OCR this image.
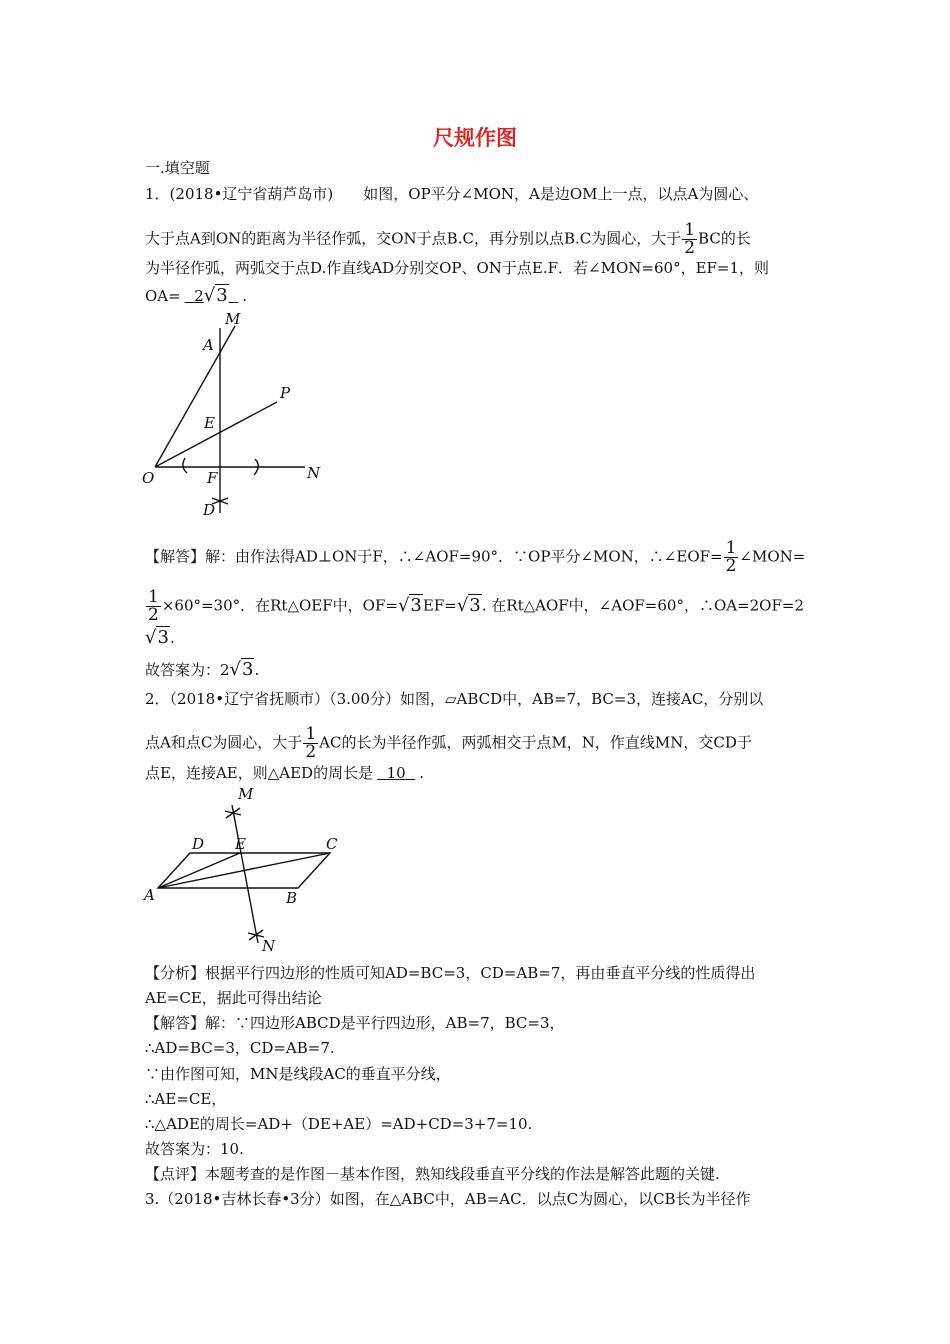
尺规作图
一.填空题
1．(2018•辽宁省葫芦岛市)　　如图，OP平分∠MON，A是边OM上一点，以点A为圆心、
大于点A到ON的距离为半径作弧，交ON于点B.C，再分别以点B.C为圆心，大于 $\frac{1}{2}$ BC的长
为半径作弧，两弧交于点D.作直线AD分别交OP、ON于点E.F．若∠MON=60°，EF=1，则
OA= 2√3 .
M
A
P
E
O	F	N
D
【解答】解：由作法得AD⊥ON于F，∴∠AOF=90°．∵OP平分∠MON，∴∠EOF= $\frac{1}{2}$ ∠MON=
$\frac{1}{2} \times 60^\circ=30^\circ$．在Rt△OEF中，OF=√3EF=√3. 在Rt△AOF中，∠AOF=60°，∴OA=2OF=2
√3.
故答案为：2√3.
2．（2018•辽宁省抚顺市）（3.00分）如图，▱ABCD中，AB=7，BC=3，连接AC，分别以
点A和点C为圆心，大于 $\frac{1}{2}$ AC的长为半径作弧，两弧相交于点M，N，作直线MN，交CD于
点E，连接AE，则△AED的周长是 10 .
M
D E	C
A	B
N
【分析】根据平行四边形的性质可知AD=BC=3，CD=AB=7，再由垂直平分线的性质得出
AE=CE，据此可得出结论
【解答】解：∵四边形ABCD是平行四边形，AB=7，BC=3，
∴AD=BC=3，CD=AB=7.
∵由作图可知，MN是线段AC的垂直平分线，
∴AE=CE，
∴△ADE的周长=AD+（DE+AE）=AD+CD=3+7=10.
故答案为：10.
【点评】本题考查的是作图－基本作图，熟知线段垂直平分线的作法是解答此题的关键.
3.（2018•吉林长春•3分）如图，在△ABC中，AB=AC．以点C为圆心，以CB长为半径作
